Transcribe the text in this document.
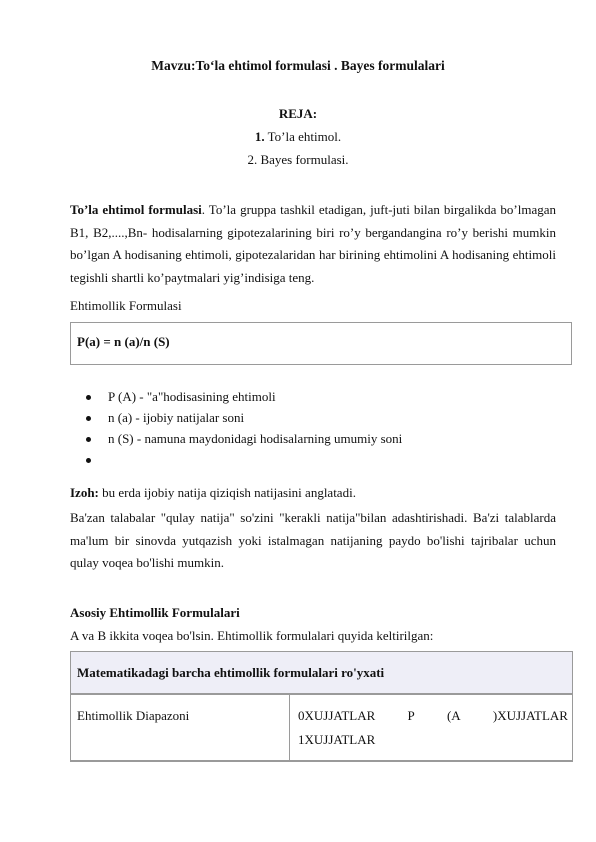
Mavzu:To‘la ehtimol formulasi . Bayes formulalari
REJA:
1. To’la ehtimol.
2. Bayes formulasi.
To’la ehtimol formulasi. To’la gruppa tashkil etadigan, juft-juti bilan birgalikda bo’lmagan B1, B2,....,Bn- hodisalarning gipotezalarining biri ro’y bergandangina ro’y berishi mumkin bo’lgan A hodisaning ehtimoli, gipotezalaridan har birining ehtimolini A hodisaning ehtimoli tegishli shartli ko’paytmalari yig’indisiga teng.
Ehtimollik Formulasi
P(a) = n (a)/n (S)
P (A) - "a"hodisasining ehtimoli
n (a) - ijobiy natijalar soni
n (S) - namuna maydonidagi hodisalarning umumiy soni
Izoh: bu erda ijobiy natija qiziqish natijasini anglatadi.
Ba'zan talabalar "qulay natija" so'zini "kerakli natija"bilan adashtirishadi. Ba'zi talablarda ma'lum bir sinovda yutqazish yoki istalmagan natijaning paydo bo'lishi tajribalar uchun qulay voqea bo'lishi mumkin.
Asosiy Ehtimollik Formulalari
A va B ikkita voqea bo'lsin. Ehtimollik formulalari quyida keltirilgan:
Matematikadagi barcha ehtimollik formulalari ro'yxati
Ehtimollik Diapazoni	0XUJJATLAR P (A )XUJJATLAR
1XUJJATLAR
